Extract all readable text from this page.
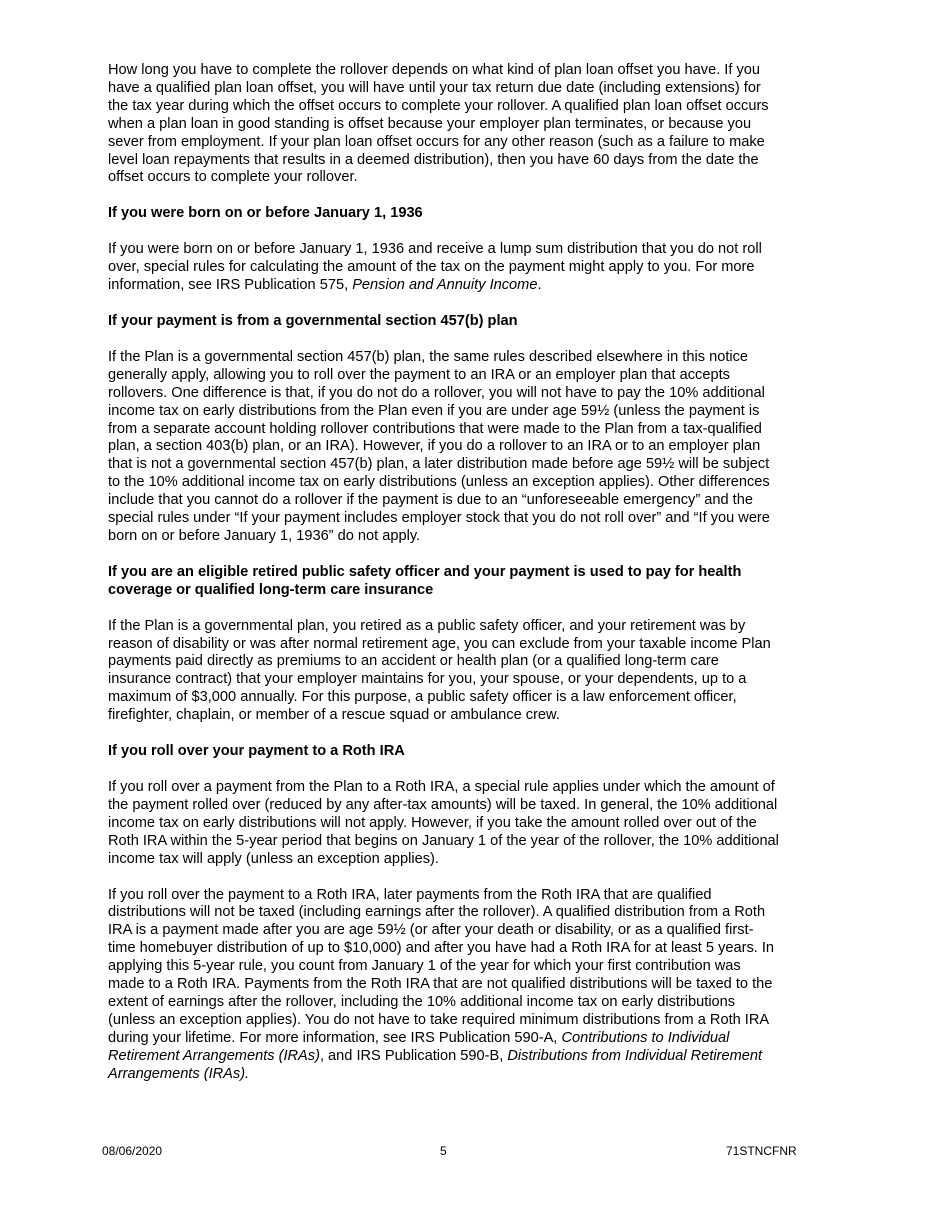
How long you have to complete the rollover depends on what kind of plan loan offset you have. If you have a qualified plan loan offset, you will have until your tax return due date (including extensions) for the tax year during which the offset occurs to complete your rollover. A qualified plan loan offset occurs when a plan loan in good standing is offset because your employer plan terminates, or because you sever from employment. If your plan loan offset occurs for any other reason (such as a failure to make level loan repayments that results in a deemed distribution), then you have 60 days from the date the offset occurs to complete your rollover.

If you were born on or before January 1, 1936

If you were born on or before January 1, 1936 and receive a lump sum distribution that you do not roll over, special rules for calculating the amount of the tax on the payment might apply to you. For more information, see IRS Publication 575, Pension and Annuity Income.

If your payment is from a governmental section 457(b) plan

If the Plan is a governmental section 457(b) plan, the same rules described elsewhere in this notice generally apply, allowing you to roll over the payment to an IRA or an employer plan that accepts rollovers. One difference is that, if you do not do a rollover, you will not have to pay the 10% additional income tax on early distributions from the Plan even if you are under age 59½ (unless the payment is from a separate account holding rollover contributions that were made to the Plan from a tax-qualified plan, a section 403(b) plan, or an IRA). However, if you do a rollover to an IRA or to an employer plan that is not a governmental section 457(b) plan, a later distribution made before age 59½ will be subject to the 10% additional income tax on early distributions (unless an exception applies). Other differences include that you cannot do a rollover if the payment is due to an “unforeseeable emergency” and the special rules under “If your payment includes employer stock that you do not roll over” and “If you were born on or before January 1, 1936” do not apply.

If you are an eligible retired public safety officer and your payment is used to pay for health coverage or qualified long-term care insurance

If the Plan is a governmental plan, you retired as a public safety officer, and your retirement was by reason of disability or was after normal retirement age, you can exclude from your taxable income Plan payments paid directly as premiums to an accident or health plan (or a qualified long-term care insurance contract) that your employer maintains for you, your spouse, or your dependents, up to a maximum of $3,000 annually. For this purpose, a public safety officer is a law enforcement officer, firefighter, chaplain, or member of a rescue squad or ambulance crew.

If you roll over your payment to a Roth IRA

If you roll over a payment from the Plan to a Roth IRA, a special rule applies under which the amount of the payment rolled over (reduced by any after-tax amounts) will be taxed. In general, the 10% additional income tax on early distributions will not apply. However, if you take the amount rolled over out of the Roth IRA within the 5-year period that begins on January 1 of the year of the rollover, the 10% additional income tax will apply (unless an exception applies).

If you roll over the payment to a Roth IRA, later payments from the Roth IRA that are qualified distributions will not be taxed (including earnings after the rollover). A qualified distribution from a Roth IRA is a payment made after you are age 59½ (or after your death or disability, or as a qualified first-time homebuyer distribution of up to $10,000) and after you have had a Roth IRA for at least 5 years. In applying this 5-year rule, you count from January 1 of the year for which your first contribution was made to a Roth IRA. Payments from the Roth IRA that are not qualified distributions will be taxed to the extent of earnings after the rollover, including the 10% additional income tax on early distributions (unless an exception applies). You do not have to take required minimum distributions from a Roth IRA during your lifetime. For more information, see IRS Publication 590-A, Contributions to Individual Retirement Arrangements (IRAs), and IRS Publication 590-B, Distributions from Individual Retirement Arrangements (IRAs).

08/06/2020	5	71STNCFNR
